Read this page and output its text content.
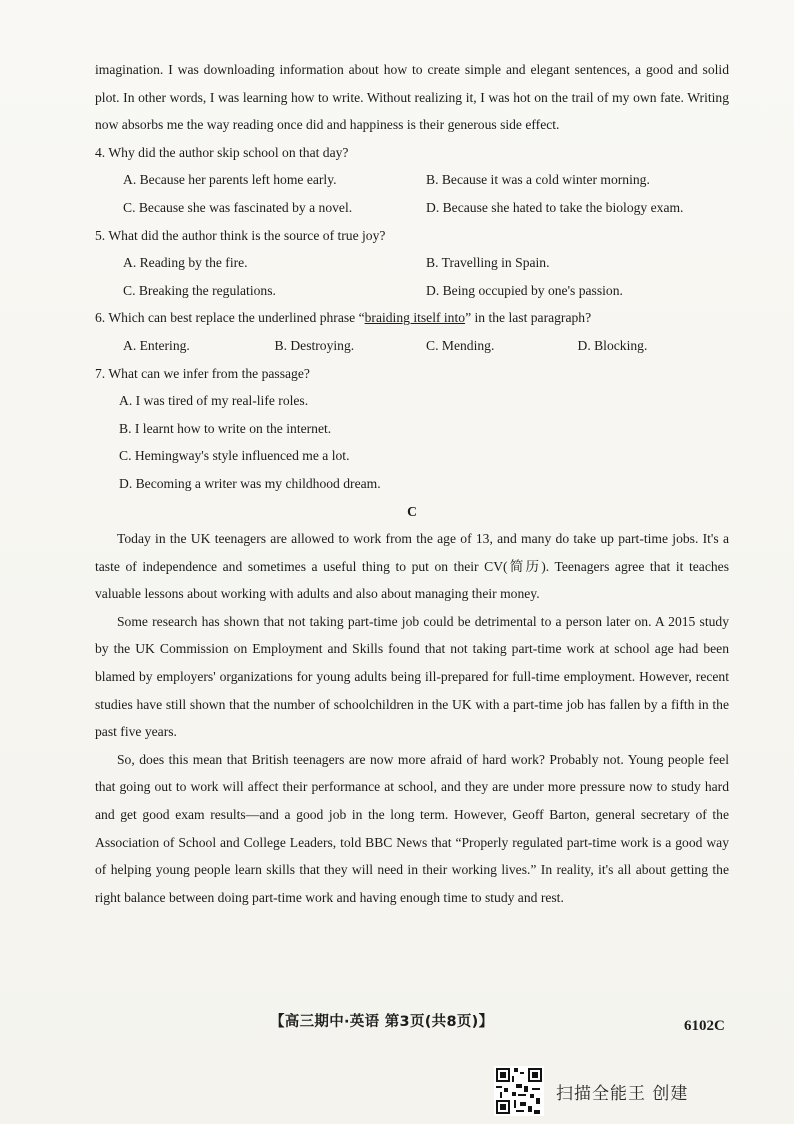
imagination. I was downloading information about how to create simple and elegant sentences, a good and solid plot. In other words, I was learning how to write. Without realizing it, I was hot on the trail of my own fate. Writing now absorbs me the way reading once did and happiness is their generous side effect.

4. Why did the author skip school on that day?

A. Because her parents left home early.	B. Because it was a cold winter morning.
C. Because she was fascinated by a novel.	D. Because she hated to take the biology exam.

5. What did the author think is the source of true joy?

A. Reading by the fire.	B. Travelling in Spain.
C. Breaking the regulations.	D. Being occupied by one's passion.

6. Which can best replace the underlined phrase “braiding itself into” in the last paragraph?

A. Entering.	B. Destroying.	C. Mending.	D. Blocking.

7. What can we infer from the passage?

A. I was tired of my real-life roles.
B. I learnt how to write on the internet.
C. Hemingway's style influenced me a lot.
D. Becoming a writer was my childhood dream.

C

Today in the UK teenagers are allowed to work from the age of 13, and many do take up part-time jobs. It's a taste of independence and sometimes a useful thing to put on their CV(简历). Teenagers agree that it teaches valuable lessons about working with adults and also about managing their money.

Some research has shown that not taking part-time job could be detrimental to a person later on. A 2015 study by the UK Commission on Employment and Skills found that not taking part-time work at school age had been blamed by employers' organizations for young adults being ill-prepared for full-time employment. However, recent studies have still shown that the number of schoolchildren in the UK with a part-time job has fallen by a fifth in the past five years.

So, does this mean that British teenagers are now more afraid of hard work? Probably not. Young people feel that going out to work will affect their performance at school, and they are under more pressure now to study hard and get good exam results—and a good job in the long term. However, Geoff Barton, general secretary of the Association of School and College Leaders, told BBC News that “Properly regulated part-time work is a good way of helping young people learn skills that they will need in their working lives.” In reality, it's all about getting the right balance between doing part-time work and having enough time to study and rest.

【高三期中·英语 第3页(共8页)】	6102C
扫描全能王 创建
